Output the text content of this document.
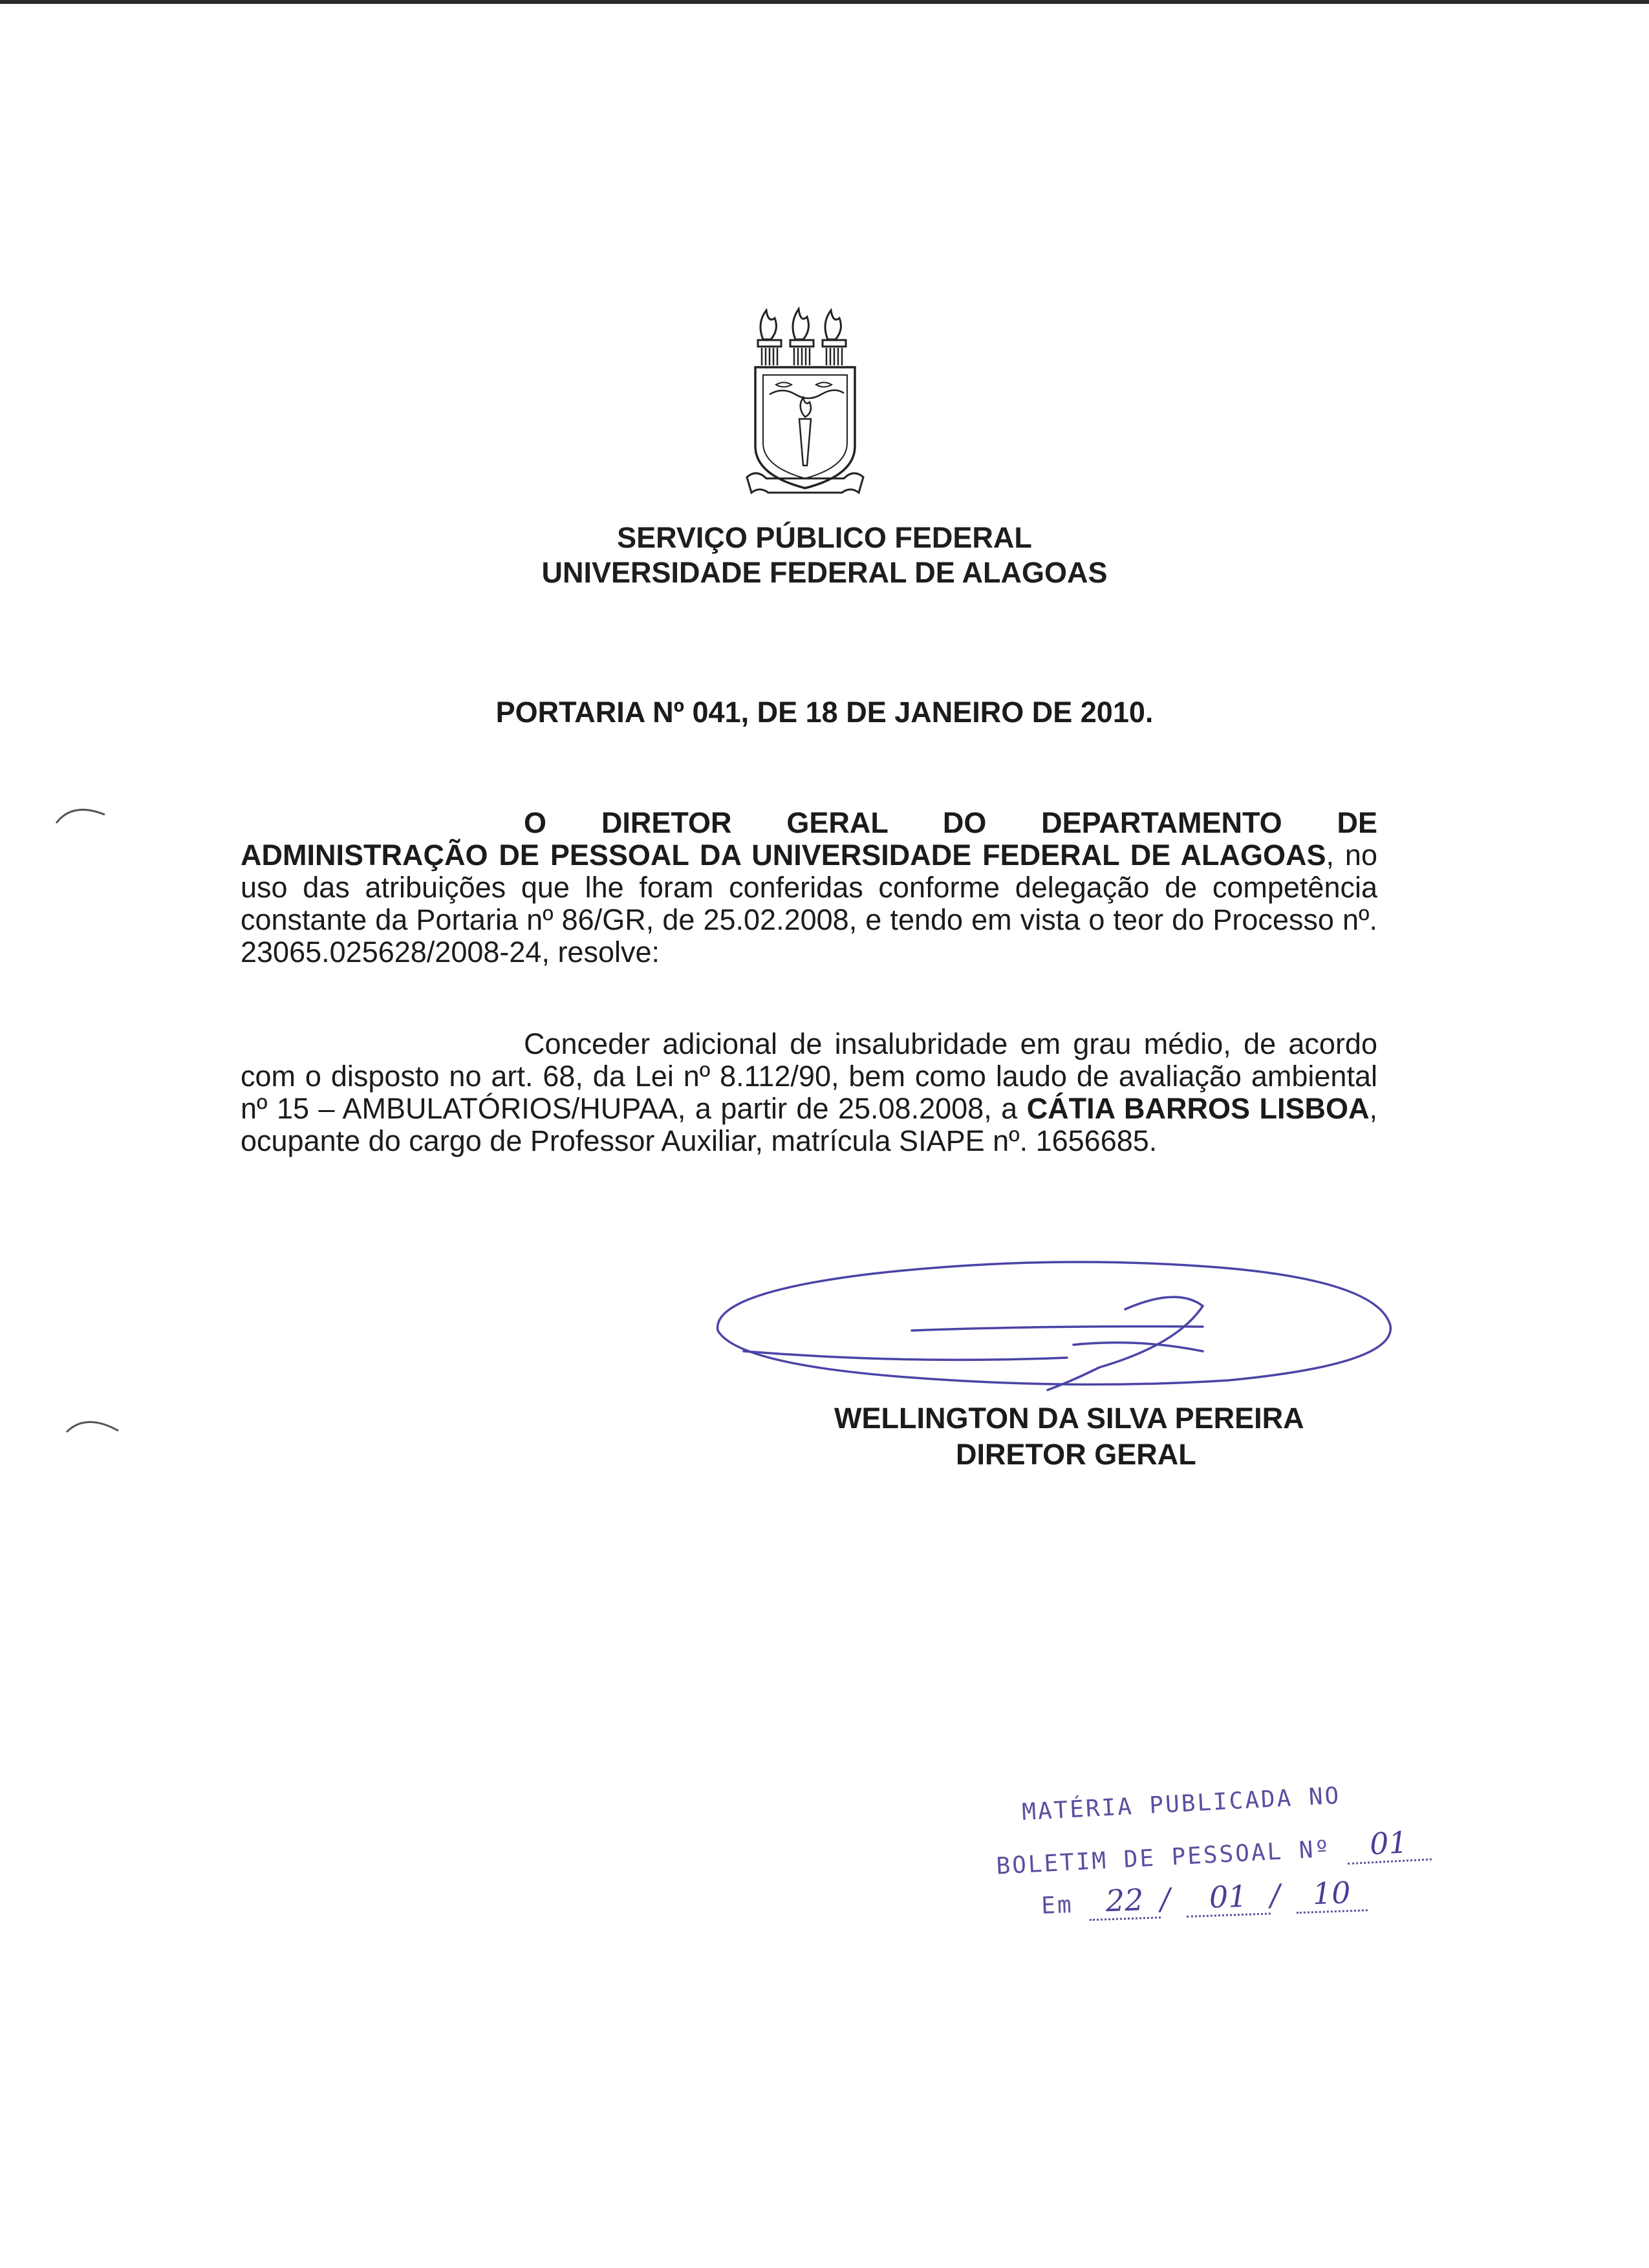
SERVIÇO PÚBLICO FEDERAL
UNIVERSIDADE FEDERAL DE ALAGOAS
PORTARIA Nº 041, DE 18 DE JANEIRO DE 2010.
O DIRETOR GERAL DO DEPARTAMENTO DE ADMINISTRAÇÃO DE PESSOAL DA UNIVERSIDADE FEDERAL DE ALAGOAS, no uso das atribuições que lhe foram conferidas conforme delegação de competência constante da Portaria nº 86/GR, de 25.02.2008, e tendo em vista o teor do Processo nº. 23065.025628/2008-24, resolve:
Conceder adicional de insalubridade em grau médio, de acordo com o disposto no art. 68, da Lei nº 8.112/90, bem como laudo de avaliação ambiental nº 15 – AMBULATÓRIOS/HUPAA, a partir de 25.08.2008, a CÁTIA BARROS LISBOA, ocupante do cargo de Professor Auxiliar, matrícula SIAPE nº. 1656685.
WELLINGTON DA SILVA PEREIRA
DIRETOR GERAL
MATÉRIA PUBLICADA NO
BOLETIM DE PESSOAL Nº 01
Em 22 / 01 / 10
